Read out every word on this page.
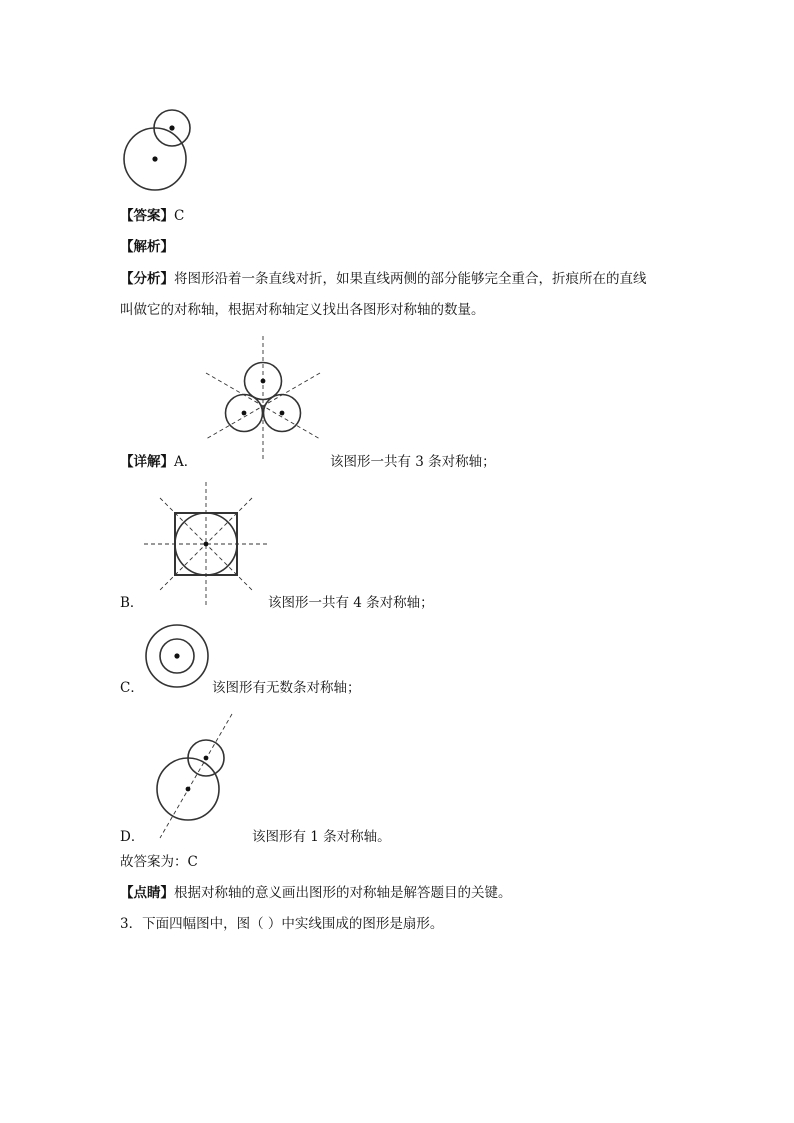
【答案】C
【解析】
【分析】将图形沿着一条直线对折，如果直线两侧的部分能够完全重合，折痕所在的直线
叫做它的对称轴，根据对称轴定义找出各图形对称轴的数量。
【详解】A．	该图形一共有 3 条对称轴；
B．	该图形一共有 4 条对称轴；
C．	该图形有无数条对称轴；
D．	该图形有 1 条对称轴。
故答案为：C
【点睛】根据对称轴的意义画出图形的对称轴是解答题目的关键。
3．下面四幅图中，图（ ）中实线围成的图形是扇形。
